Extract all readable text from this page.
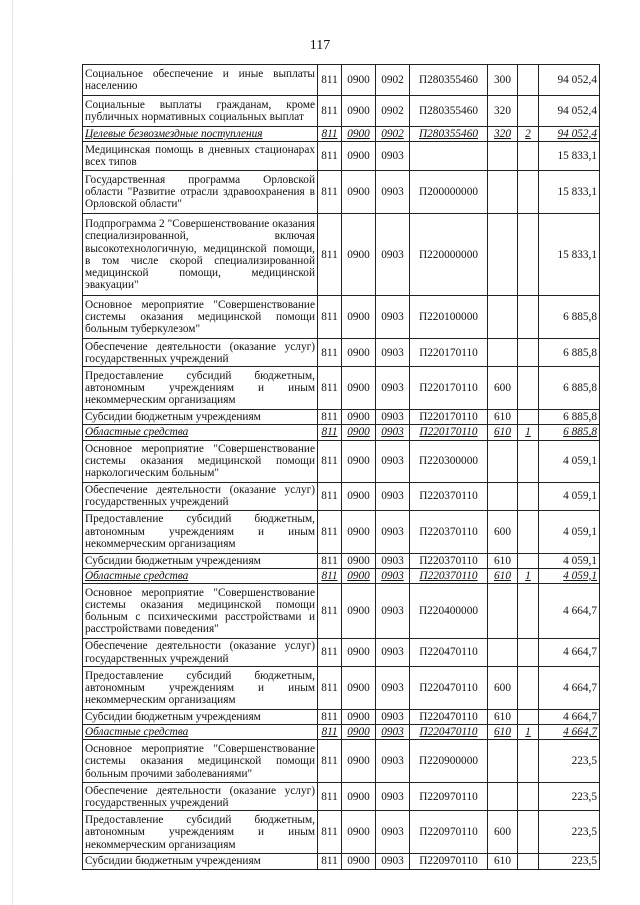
117
Социальное обеспечение и иные выплаты населению	811	0900	0902	П280355460	300		94 052,4
Социальные выплаты гражданам, кроме публичных нормативных социальных выплат	811	0900	0902	П280355460	320		94 052,4
Целевые безвозмездные поступления	811	0900	0902	П280355460	320	2	94 052,4
Медицинская помощь в дневных стационарах всех типов	811	0900	0903				15 833,1
Государственная программа Орловской области "Развитие отрасли здравоохранения в Орловской области"	811	0900	0903	П200000000			15 833,1
Подпрограмма 2 "Совершенствование оказания специализированной, включая высокотехнологичную, медицинской помощи, в том числе скорой специализированной медицинской помощи, медицинской эвакуации"	811	0900	0903	П220000000			15 833,1
Основное мероприятие "Совершенствование системы оказания медицинской помощи больным туберкулезом"	811	0900	0903	П220100000			6 885,8
Обеспечение деятельности (оказание услуг) государственных учреждений	811	0900	0903	П220170110			6 885,8
Предоставление субсидий бюджетным, автономным учреждениям и иным некоммерческим организациям	811	0900	0903	П220170110	600		6 885,8
Субсидии бюджетным учреждениям	811	0900	0903	П220170110	610		6 885,8
Областные средства	811	0900	0903	П220170110	610	1	6 885,8
Основное мероприятие "Совершенствование системы оказания медицинской помощи наркологическим больным"	811	0900	0903	П220300000			4 059,1
Обеспечение деятельности (оказание услуг) государственных учреждений	811	0900	0903	П220370110			4 059,1
Предоставление субсидий бюджетным, автономным учреждениям и иным некоммерческим организациям	811	0900	0903	П220370110	600		4 059,1
Субсидии бюджетным учреждениям	811	0900	0903	П220370110	610		4 059,1
Областные средства	811	0900	0903	П220370110	610	1	4 059,1
Основное мероприятие "Совершенствование системы оказания медицинской помощи больным с психическими расстройствами и расстройствами поведения"	811	0900	0903	П220400000			4 664,7
Обеспечение деятельности (оказание услуг) государственных учреждений	811	0900	0903	П220470110			4 664,7
Предоставление субсидий бюджетным, автономным учреждениям и иным некоммерческим организациям	811	0900	0903	П220470110	600		4 664,7
Субсидии бюджетным учреждениям	811	0900	0903	П220470110	610		4 664,7
Областные средства	811	0900	0903	П220470110	610	1	4 664,7
Основное мероприятие "Совершенствование системы оказания медицинской помощи больным прочими заболеваниями"	811	0900	0903	П220900000			223,5
Обеспечение деятельности (оказание услуг) государственных учреждений	811	0900	0903	П220970110			223,5
Предоставление субсидий бюджетным, автономным учреждениям и иным некоммерческим организациям	811	0900	0903	П220970110	600		223,5
Субсидии бюджетным учреждениям	811	0900	0903	П220970110	610		223,5
